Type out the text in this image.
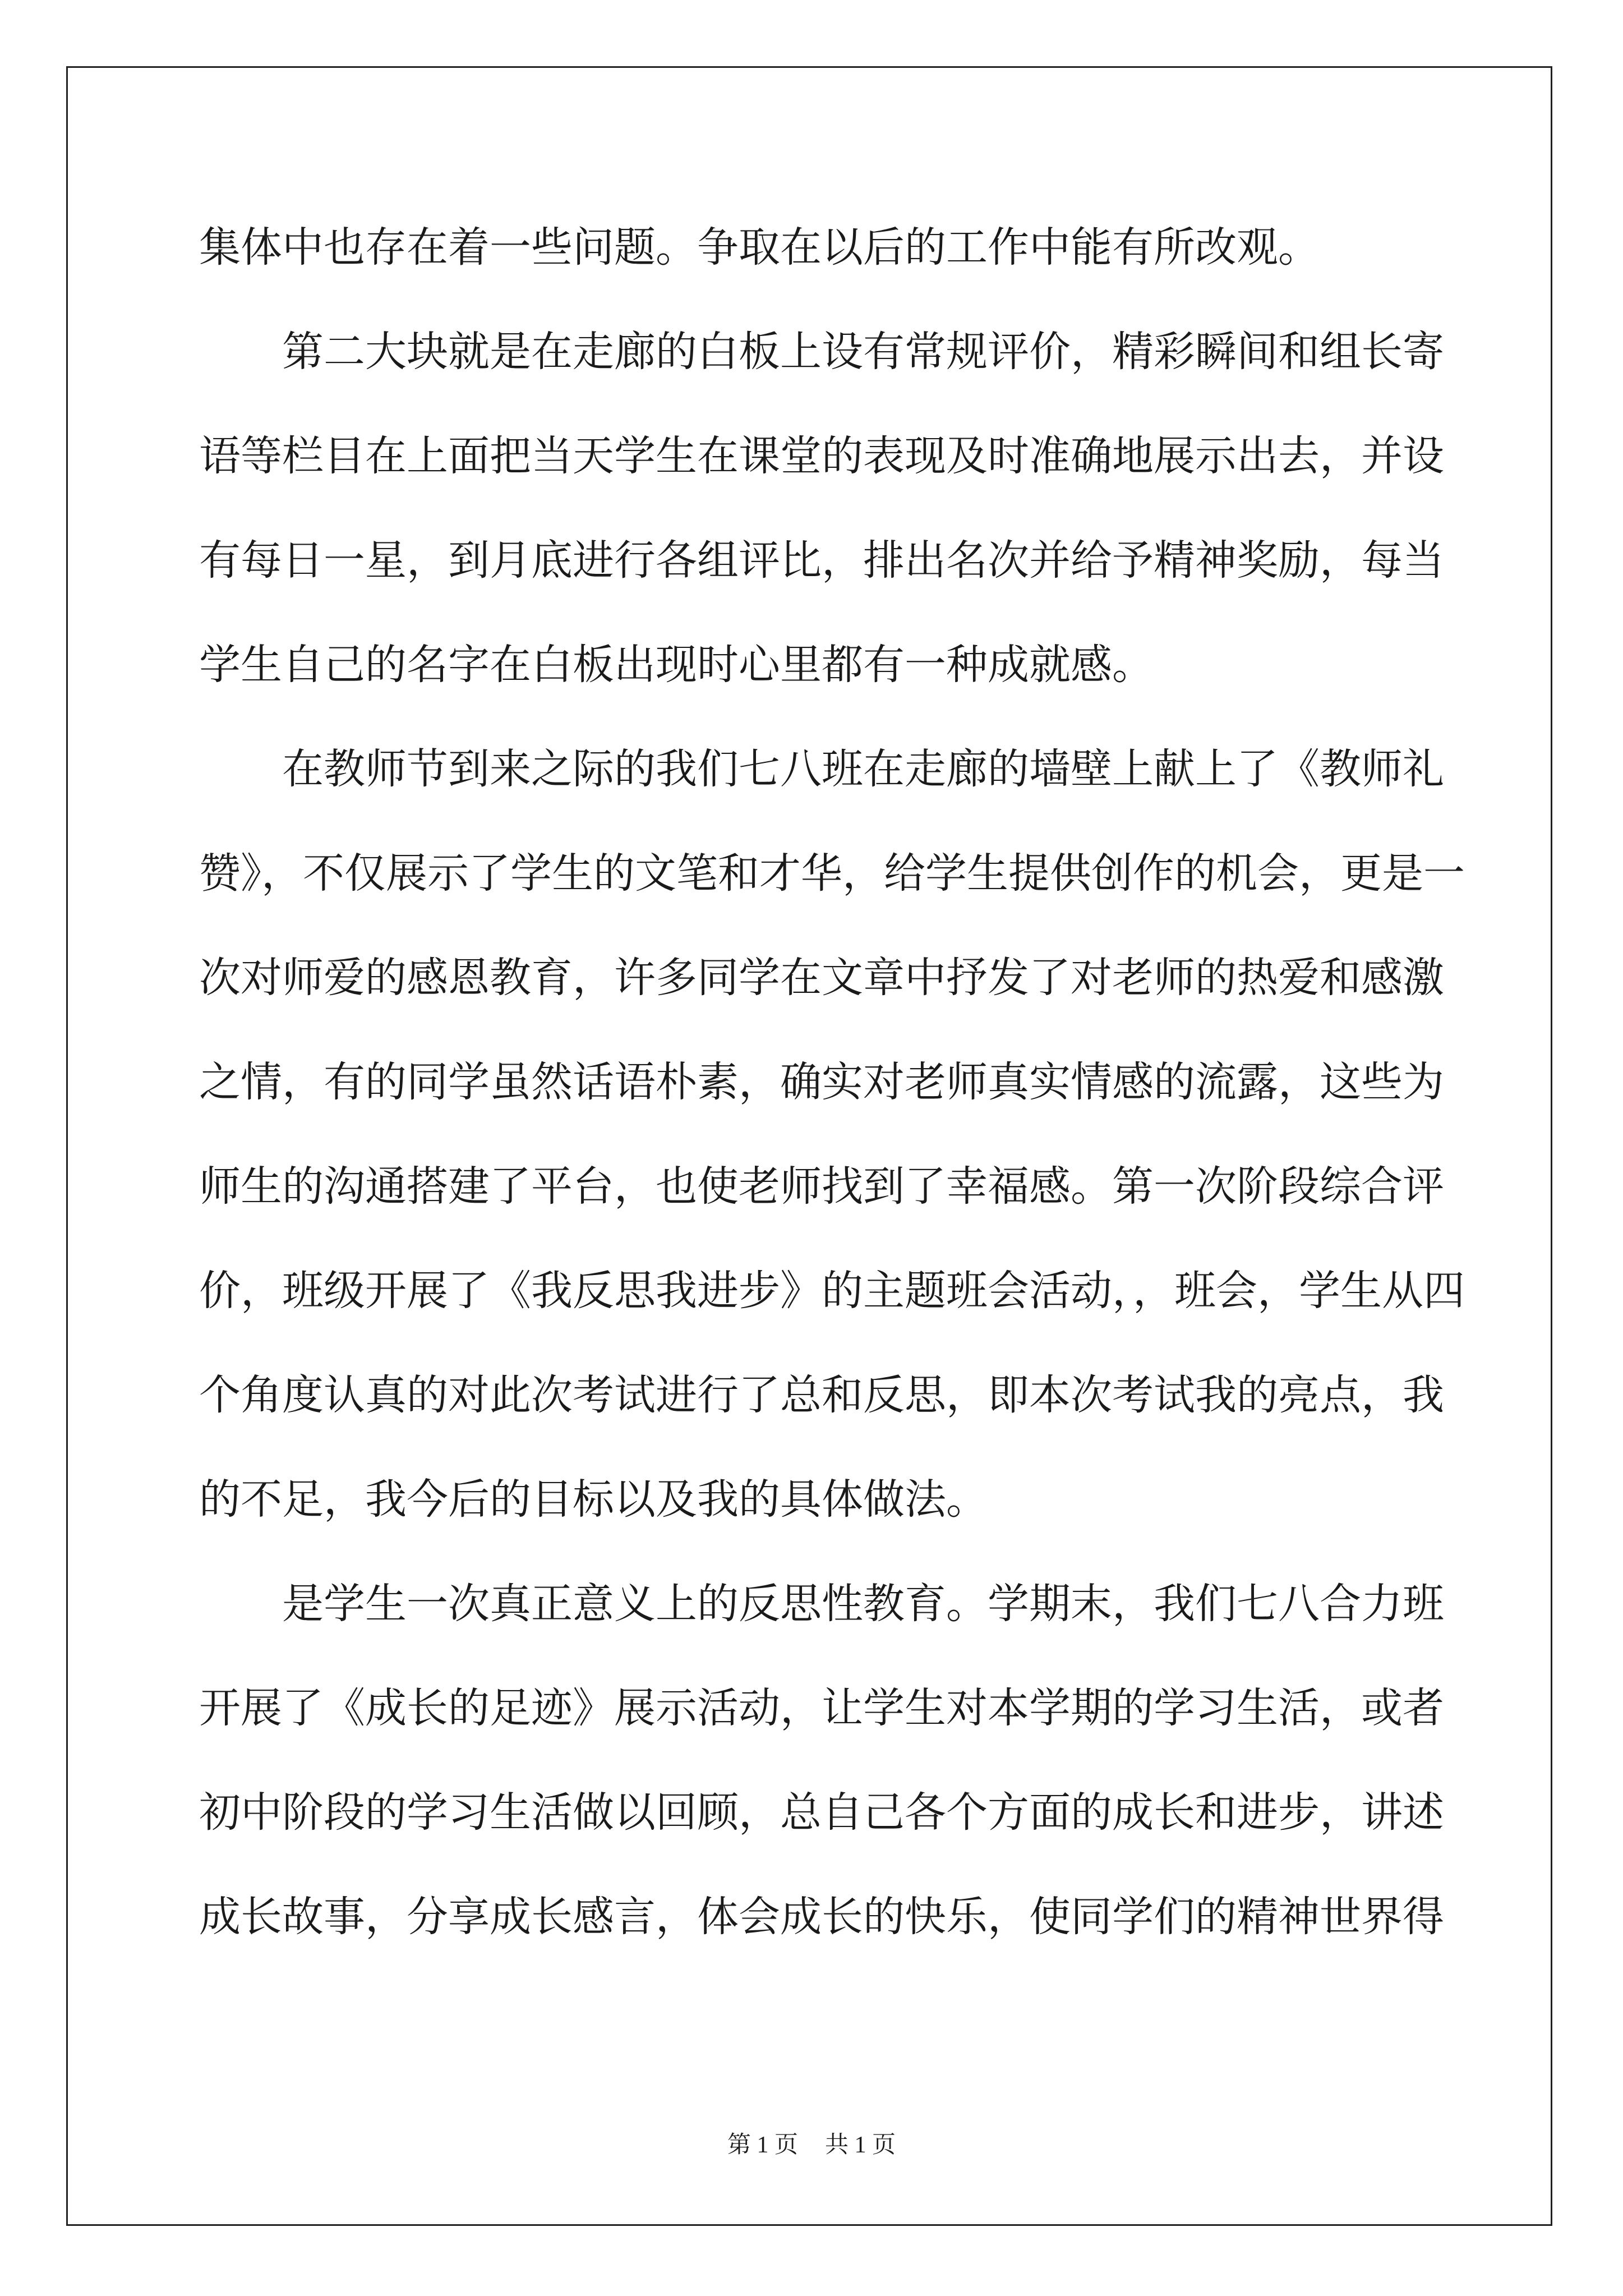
集体中也存在着一些问题。争取在以后的工作中能有所改观。

第二大块就是在走廊的白板上设有常规评价，精彩瞬间和组长寄

语等栏目在上面把当天学生在课堂的表现及时准确地展示出去，并设

有每日一星，到月底进行各组评比，排出名次并给予精神奖励，每当

学生自己的名字在白板出现时心里都有一种成就感。

在教师节到来之际的我们七八班在走廊的墙壁上献上了《教师礼

赞》，不仅展示了学生的文笔和才华，给学生提供创作的机会，更是一

次对师爱的感恩教育，许多同学在文章中抒发了对老师的热爱和感激

之情，有的同学虽然话语朴素，确实对老师真实情感的流露，这些为

师生的沟通搭建了平台，也使老师找到了幸福感。第一次阶段综合评

价，班级开展了《我反思我进步》的主题班会活动，，班会，学生从四

个角度认真的对此次考试进行了总和反思，即本次考试我的亮点，我

的不足，我今后的目标以及我的具体做法。

是学生一次真正意义上的反思性教育。学期末，我们七八合力班

开展了《成长的足迹》展示活动，让学生对本学期的学习生活，或者

初中阶段的学习生活做以回顾，总自己各个方面的成长和进步，讲述

成长故事，分享成长感言，体会成长的快乐，使同学们的精神世界得

第 1 页 共 1 页
